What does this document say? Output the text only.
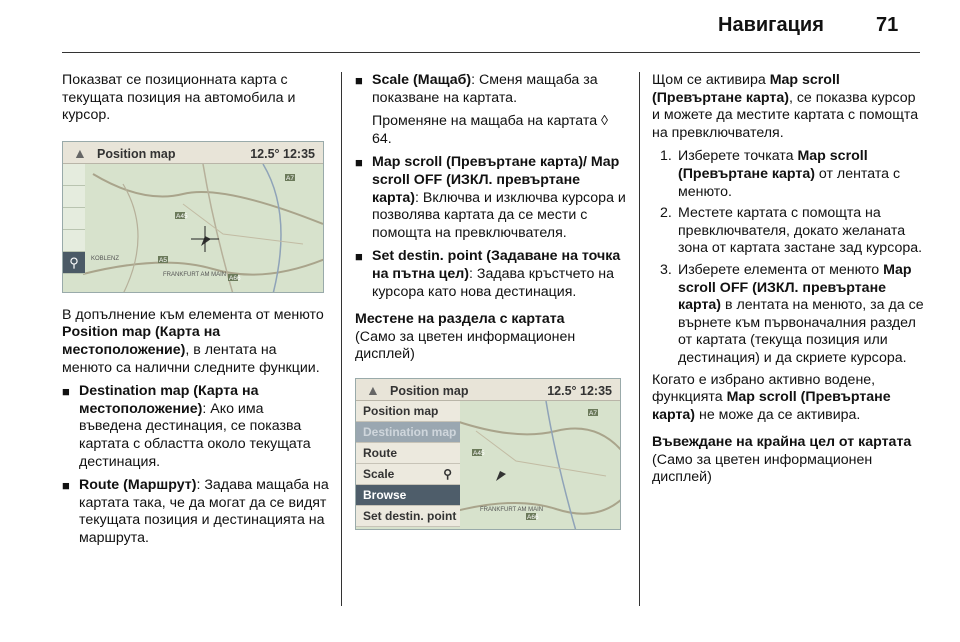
Навигация	71
Показват се позиционната карта с текущата позиция на автомобила и курсор.
▲ Position map	12.5° 12:35
A45
A7
A66
A5
KOBLENZ
FRANKFURT AM MAIN
⚲
В допълнение към елемента от менюто Position map (Карта на местоположение), в лентата на менюто са налични следните функции.
■ Destination map (Карта на местоположение): Ако има въведена дестинация, се показва картата с областта около текущата дестинация.
■ Route (Маршрут): Задава мащаба на картата така, че да могат да се видят текущата позиция и дестинацията на маршрута.
■ Scale (Мащаб): Сменя мащаба за показване на картата.
Променяне на мащаба на картата ◊ 64.
■ Map scroll (Превъртане карта)/ Map scroll OFF (ИЗКЛ. превъртане карта): Включва и изключва курсора и позволява картата да се мести с помощта на превключвателя.
■ Set destin. point (Задаване на точка на пътна цел): Задава кръстчето на курсора като нова дестинация.
Местене на раздела с картата
(Само за цветен информационен дисплей)
▲ Position map	12.5° 12:35
A45
A7
A66
FRANKFURT AM MAIN
Position map
Destination map
Route
Scale	⚲
Browse
Set destin. point
Щом се активира Map scroll (Превъртане карта), се показва курсор и можете да местите картата с помощта на превключвателя.
1. Изберете точката Map scroll (Превъртане карта) от лентата с менюто.
2. Местете картата с помощта на превключвателя, докато желаната зона от картата застане зад курсора.
3. Изберете елемента от менюто Map scroll OFF (ИЗКЛ. превъртане карта) в лентата на менюто, за да се върнете към първоначалния раздел от картата (текуща позиция или дестинация) и да скриете курсора.
Когато е избрано активно водене, функцията Map scroll (Превъртане карта) не може да се активира.
Въвеждане на крайна цел от картата
(Само за цветен информационен дисплей)
